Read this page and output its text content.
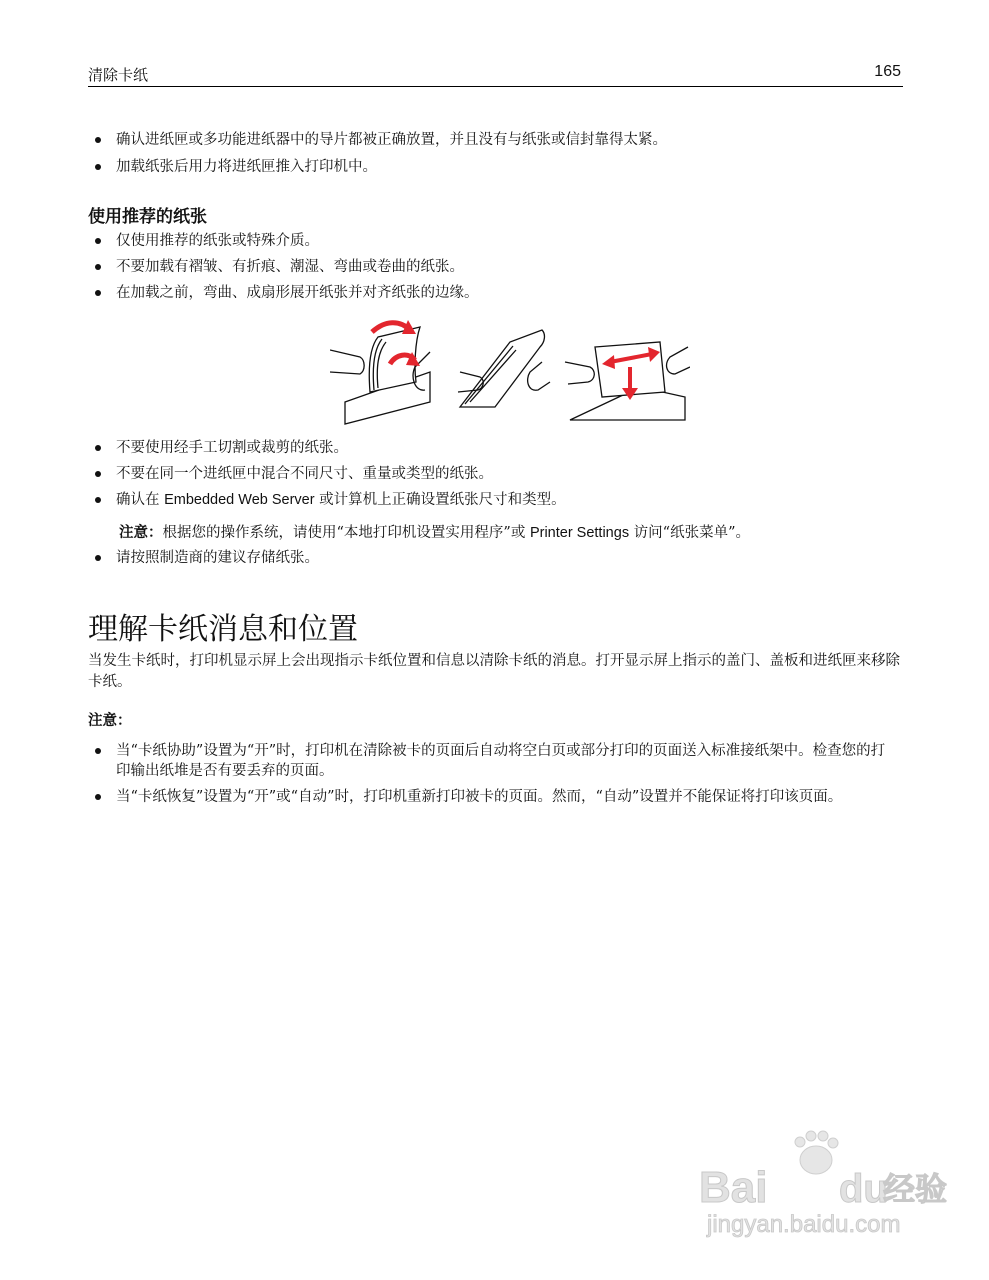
清除卡纸	165
确认进纸匣或多功能进纸器中的导片都被正确放置，并且没有与纸张或信封靠得太紧。
加载纸张后用力将进纸匣推入打印机中。
使用推荐的纸张
仅使用推荐的纸张或特殊介质。
不要加载有褶皱、有折痕、潮湿、弯曲或卷曲的纸张。
在加载之前，弯曲、成扇形展开纸张并对齐纸张的边缘。
不要使用经手工切割或裁剪的纸张。
不要在同一个进纸匣中混合不同尺寸、重量或类型的纸张。
确认在 Embedded Web Server 或计算机上正确设置纸张尺寸和类型。
注意：根据您的操作系统，请使用“本地打印机设置实用程序”或 Printer Settings 访问“纸张菜单”。
请按照制造商的建议存储纸张。
理解卡纸消息和位置
当发生卡纸时，打印机显示屏上会出现指示卡纸位置和信息以清除卡纸的消息。打开显示屏上指示的盖门、盖板和进纸匣来移除卡纸。
注意：
当“卡纸协助”设置为“开”时，打印机在清除被卡的页面后自动将空白页或部分打印的页面送入标准接纸架中。检查您的打印输出纸堆是否有要丢弃的页面。
当“卡纸恢复”设置为“开”或“自动”时，打印机重新打印被卡的页面。然而，“自动”设置并不能保证将打印该页面。
Bai du
经验
jingyan.baidu.com
